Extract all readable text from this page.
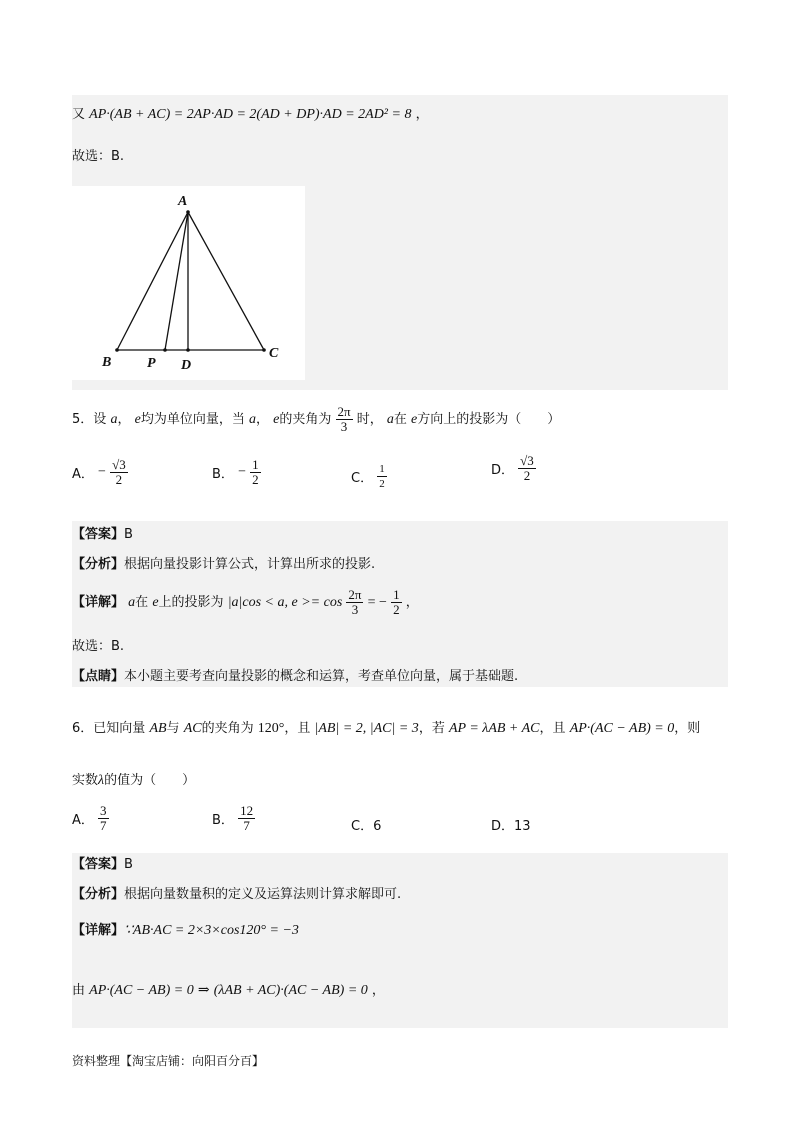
又 AP·(AB + AC) = 2AP·AD = 2(AD + DP)·AD = 2AD² = 8 ，
故选：B.
A
B	P D
C
5．设 a， e均为单位向量，当 a， e的夹角为 $\frac{2\pi}{3}$ 时， a在 e方向上的投影为（　　）
A． − $\frac{√3}{2}$	B． − $\frac{1}{2}$	C． $\frac{1}{2}$	D． $\frac{√3}{2}$
【答案】B
【分析】根据向量投影计算公式，计算出所求的投影.
【详解】 a在 e上的投影为 |a|cos < a, $e >= \cos \frac{2\pi}{3}$ = − $\frac{1}{2}$ ，
故选：B.
【点睛】本小题主要考查向量投影的概念和运算，考查单位向量，属于基础题.
6．已知向量 AB与 AC的夹角为 120°，且 |AB| = 2, |AC| = 3，若 AP = λAB + AC，且 AP·(AC − AB) = 0，则
实数λ的值为（　　）
A． $\frac{3}{7}$	B． $\frac{12}{7}$	C．6	D．13
【答案】B
【分析】根据向量数量积的定义及运算法则计算求解即可.
【详解】∵AB·AC = 2×3×cos120° = −3
由 AP·(AC − AB) = 0 ⇒ (λAB + AC)·(AC − AB) = 0 ，
资料整理【淘宝店铺：向阳百分百】
